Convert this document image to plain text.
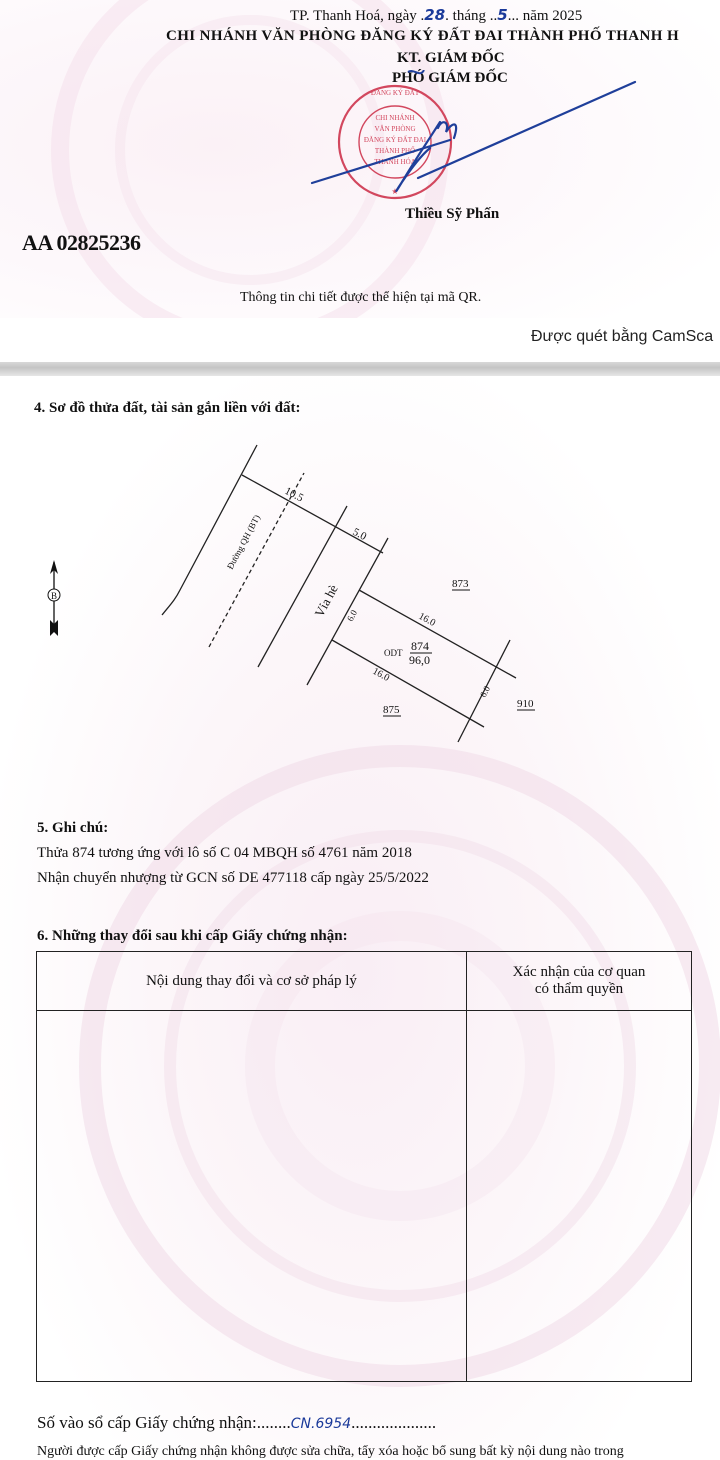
TP. Thanh Hoá, ngày .28. tháng ..5... năm 2025
CHI NHÁNH VĂN PHÒNG ĐĂNG KÝ ĐẤT ĐAI THÀNH PHỐ THANH H
KT. GIÁM ĐỐC
PHÓ GIÁM ĐỐC
CHI NHÁNH
VĂN PHÒNG
ĐĂNG KÝ ĐẤT ĐAI
THÀNH PHỐ
THANH HÓA
ĐĂNG KÝ ĐẤT
★
Thiều Sỹ Phấn
AA 02825236
Thông tin chi tiết được thể hiện tại mã QR.
Được quét bằng CamSca
4. Sơ đồ thửa đất, tài sản gắn liền với đất:
B
Đường QH (BT)
10.5
5.0
Vỉa hè 6.0	16.0
16.0
6.0
ODT 874
96,0
873
875	910
5. Ghi chú:
Thửa 874 tương ứng với lô số C 04 MBQH số 4761 năm 2018
Nhận chuyển nhượng từ GCN số DE 477118 cấp ngày 25/5/2022
6. Những thay đổi sau khi cấp Giấy chứng nhận:
Nội dung thay đổi và cơ sở pháp lý	Xác nhận của cơ quan
có thẩm quyền

Số vào sổ cấp Giấy chứng nhận:........CN.6954....................
Người được cấp Giấy chứng nhận không được sửa chữa, tẩy xóa hoặc bổ sung bất kỳ nội dung nào trong
